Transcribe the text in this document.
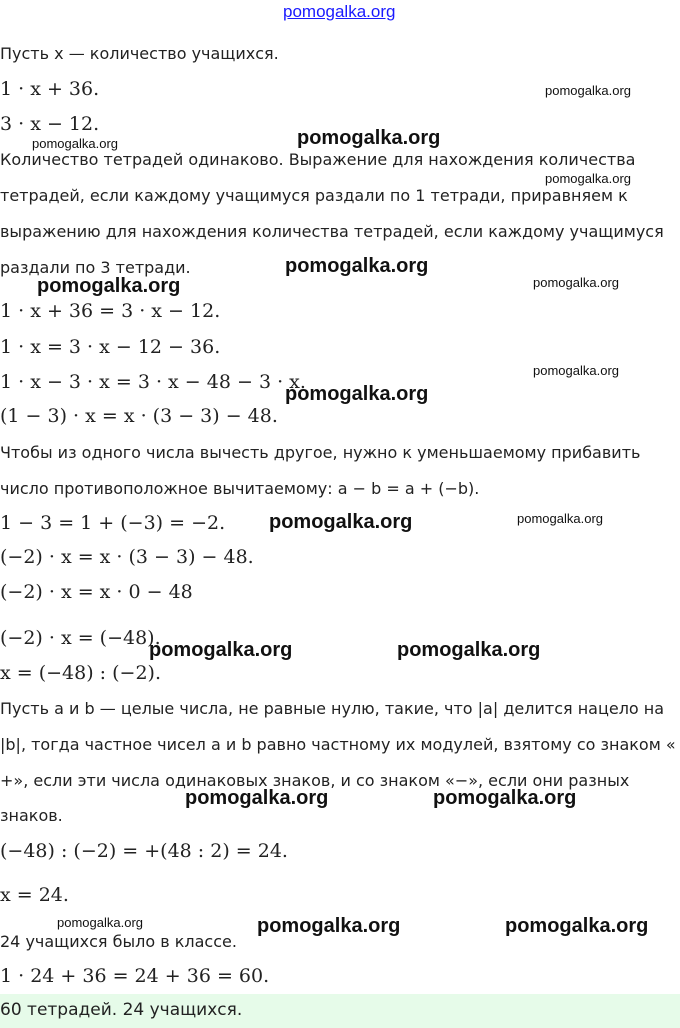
pomogalka.org
Пусть x — количество учащихся.
1 · x + 36.
3 · x − 12.
Количество тетрадей одинаково. Выражение для нахождения количества
тетрадей, если каждому учащимуся раздали по 1 тетради, приравняем к
выражению для нахождения количества тетрадей, если каждому учащимуся
раздали по 3 тетради.
1 · x + 36 = 3 · x − 12.
1 · x = 3 · x − 12 − 36.
1 · x − 3 · x = 3 · x − 48 − 3 · x.
(1 − 3) · x = x · (3 − 3) − 48.
Чтобы из одного числа вычесть другое, нужно к уменьшаемому прибавить
число противоположное вычитаемому: a − b = a + (−b).
1 − 3 = 1 + (−3) = −2.
(−2) · x = x · (3 − 3) − 48.
(−2) · x = x · 0 − 48
(−2) · x = (−48).
x = (−48) : (−2).
Пусть a и b — целые числа, не равные нулю, такие, что |a| делится нацело на
|b|, тогда частное чисел a и b равно частному их модулей, взятому со знаком «
+», если эти числа одинаковых знаков, и со знаком «−», если они разных
знаков.
(−48) : (−2) = +(48 : 2) = 24.
x = 24.
24 учащихся было в классе.
1 · 24 + 36 = 24 + 36 = 60.
60 тетрадей. 24 учащихся.
pomogalka.org
pomogalka.org
pomogalka.org
pomogalka.org
pomogalka.org
pomogalka.org	pomogalka.org
pomogalka.org
pomogalka.org
pomogalka.org
pomogalka.org
pomogalka.org	pomogalka.org
pomogalka.org	pomogalka.org
pomogalka.org	pomogalka.org	pomogalka.org
